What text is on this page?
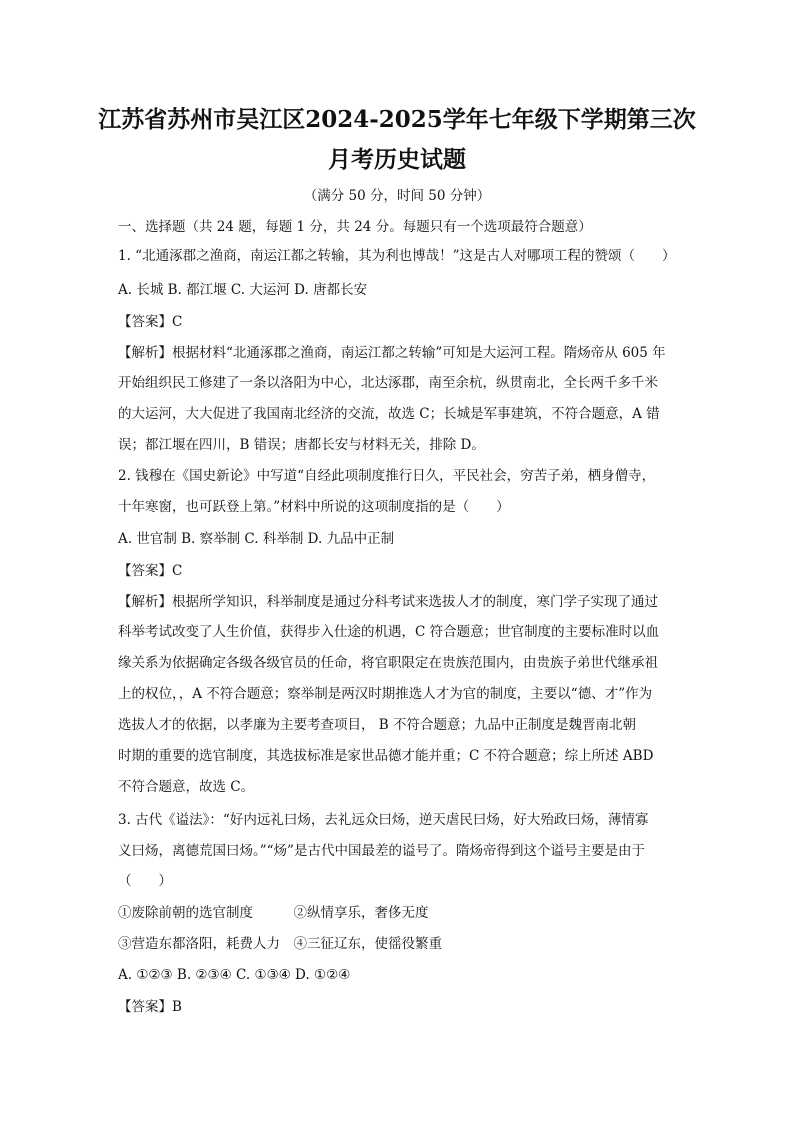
江苏省苏州市吴江区2024-2025学年七年级下学期第三次
月考历史试题
（满分 50 分，时间 50 分钟）
一、选择题（共 24 题，每题 1 分，共 24 分。每题只有一个选项最符合题意）
1. “北通涿郡之渔商，南运江都之转输，其为利也博哉！”这是古人对哪项工程的赞颂（　　）
A. 长城 B. 都江堰 C. 大运河 D. 唐都长安
【答案】C
【解析】根据材料“北通涿郡之渔商，南运江都之转输”可知是大运河工程。隋炀帝从 605 年
开始组织民工修建了一条以洛阳为中心，北达涿郡，南至余杭，纵贯南北，全长两千多千米
的大运河，大大促进了我国南北经济的交流，故选 C；长城是军事建筑，不符合题意，A 错
误；都江堰在四川，B 错误；唐都长安与材料无关，排除 D。
2. 钱穆在《国史新论》中写道“自经此项制度推行日久，平民社会，穷苦子弟，栖身僧寺，
十年寒窗，也可跃登上第。”材料中所说的这项制度指的是（　　）
A. 世官制 B. 察举制 C. 科举制 D. 九品中正制
【答案】C
【解析】根据所学知识，科举制度是通过分科考试来选拔人才的制度，寒门学子实现了通过
科举考试改变了人生价值，获得步入仕途的机遇，C 符合题意；世官制度的主要标准时以血
缘关系为依据确定各级各级官员的任命，将官职限定在贵族范围内，由贵族子弟世代继承祖
上的权位，，A 不符合题意；察举制是两汉时期推选人才为官的制度，主要以“德、才”作为
选拔人才的依据，以孝廉为主要考查项目， B 不符合题意；九品中正制度是魏晋南北朝
时期的重要的选官制度，其选拔标准是家世品德才能并重；C 不符合题意；综上所述 ABD
不符合题意，故选 C。
3. 古代《谥法》：“好内远礼曰炀，去礼远众曰炀，逆天虐民曰炀，好大殆政曰炀，薄情寡
义曰炀，离德荒国曰炀。”“炀”是古代中国最差的谥号了。隋炀帝得到这个谥号主要是由于
（　　）
①废除前朝的选官制度　　　②纵情享乐，奢侈无度
③营造东都洛阳，耗费人力　④三征辽东，使徭役繁重
A. ①②③ B. ②③④ C. ①③④ D. ①②④
【答案】B
